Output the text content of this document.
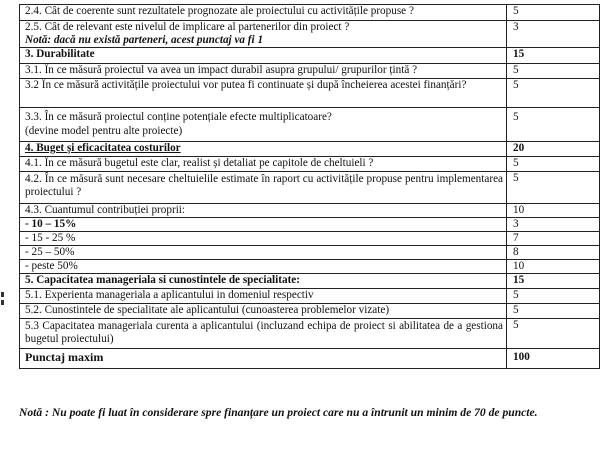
2.4. Cât de coerente sunt rezultatele prognozate ale proiectului cu activitățile propuse ?	5
2.5. Cât de relevant este nivelul de implicare al partenerilor din proiect ?
Notă: dacă nu există parteneri, acest punctaj va fi 1	3
3. Durabilitate	15
3.1. În ce măsură proiectul va avea un impact durabil asupra grupului/ grupurilor țintă ?	5
3.2 În ce măsură activitățile proiectului vor putea fi continuate și după încheierea acestei finanțări?	5

3.3. În ce măsură proiectul conține potențiale efecte multiplicatoare?
(devine model pentru alte proiecte)	5
4. Buget și eficacitatea costurilor	20
4.1. În ce măsură bugetul este clar, realist și detaliat pe capitole de cheltuieli ?	5
4.2. În ce măsură sunt necesare cheltuielile estimate în raport cu activitățile propuse pentru implementarea proiectului ?	5
4.3. Cuantumul contribuției proprii:	10
- 10 – 15%	3
- 15 - 25 %	7
- 25 – 50%	8
- peste 50%	10
5. Capacitatea manageriala si cunostintele de specialitate:	15
5.1. Experienta manageriala a aplicantului in domeniul respectiv	5
5.2. Cunostintele de specialitate ale aplicantului (cunoasterea problemelor vizate)	5
5.3 Capacitatea manageriala curenta a aplicantului (incluzand echipa de proiect si abilitatea de a gestiona bugetul proiectului)	5
Punctaj maxim	100
Notă : Nu poate fi luat în considerare spre finanțare un proiect care nu a întrunit un minim de 70 de puncte.
